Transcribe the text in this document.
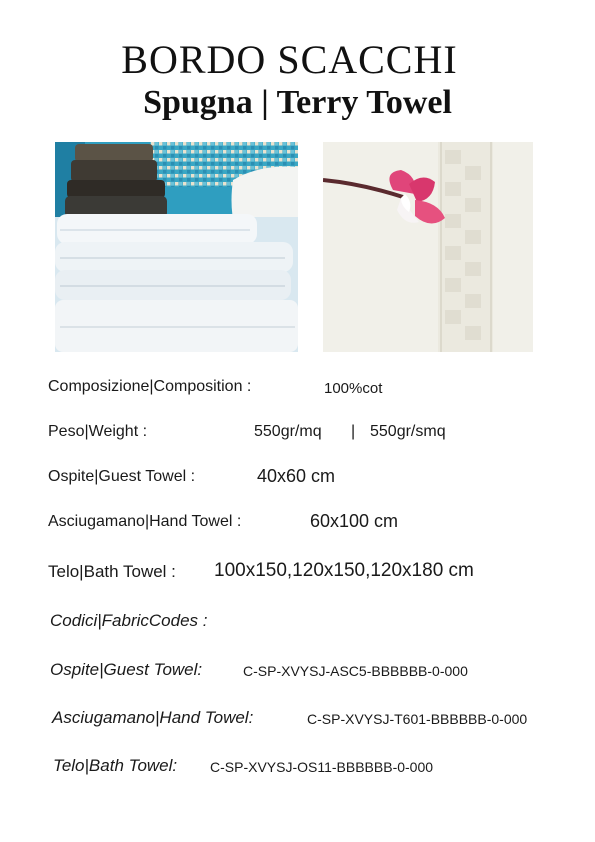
BORDO SCACCHI
Spugna | Terry Towel
Composizione|Composition :	100%cot
Peso|Weight :	550gr/mq | 550gr/smq
Ospite|Guest Towel :	40x60 cm
Asciugamano|Hand Towel :	60x100 cm
Telo|Bath Towel : 100x150,120x150,120x180 cm
Codici|FabricCodes :
Ospite|Guest Towel:	C-SP-XVYSJ-ASC5-BBBBBB-0-000
Asciugamano|Hand Towel:	C-SP-XVYSJ-T601-BBBBBB-0-000
Telo|Bath Towel: C-SP-XVYSJ-OS11-BBBBBB-0-000
